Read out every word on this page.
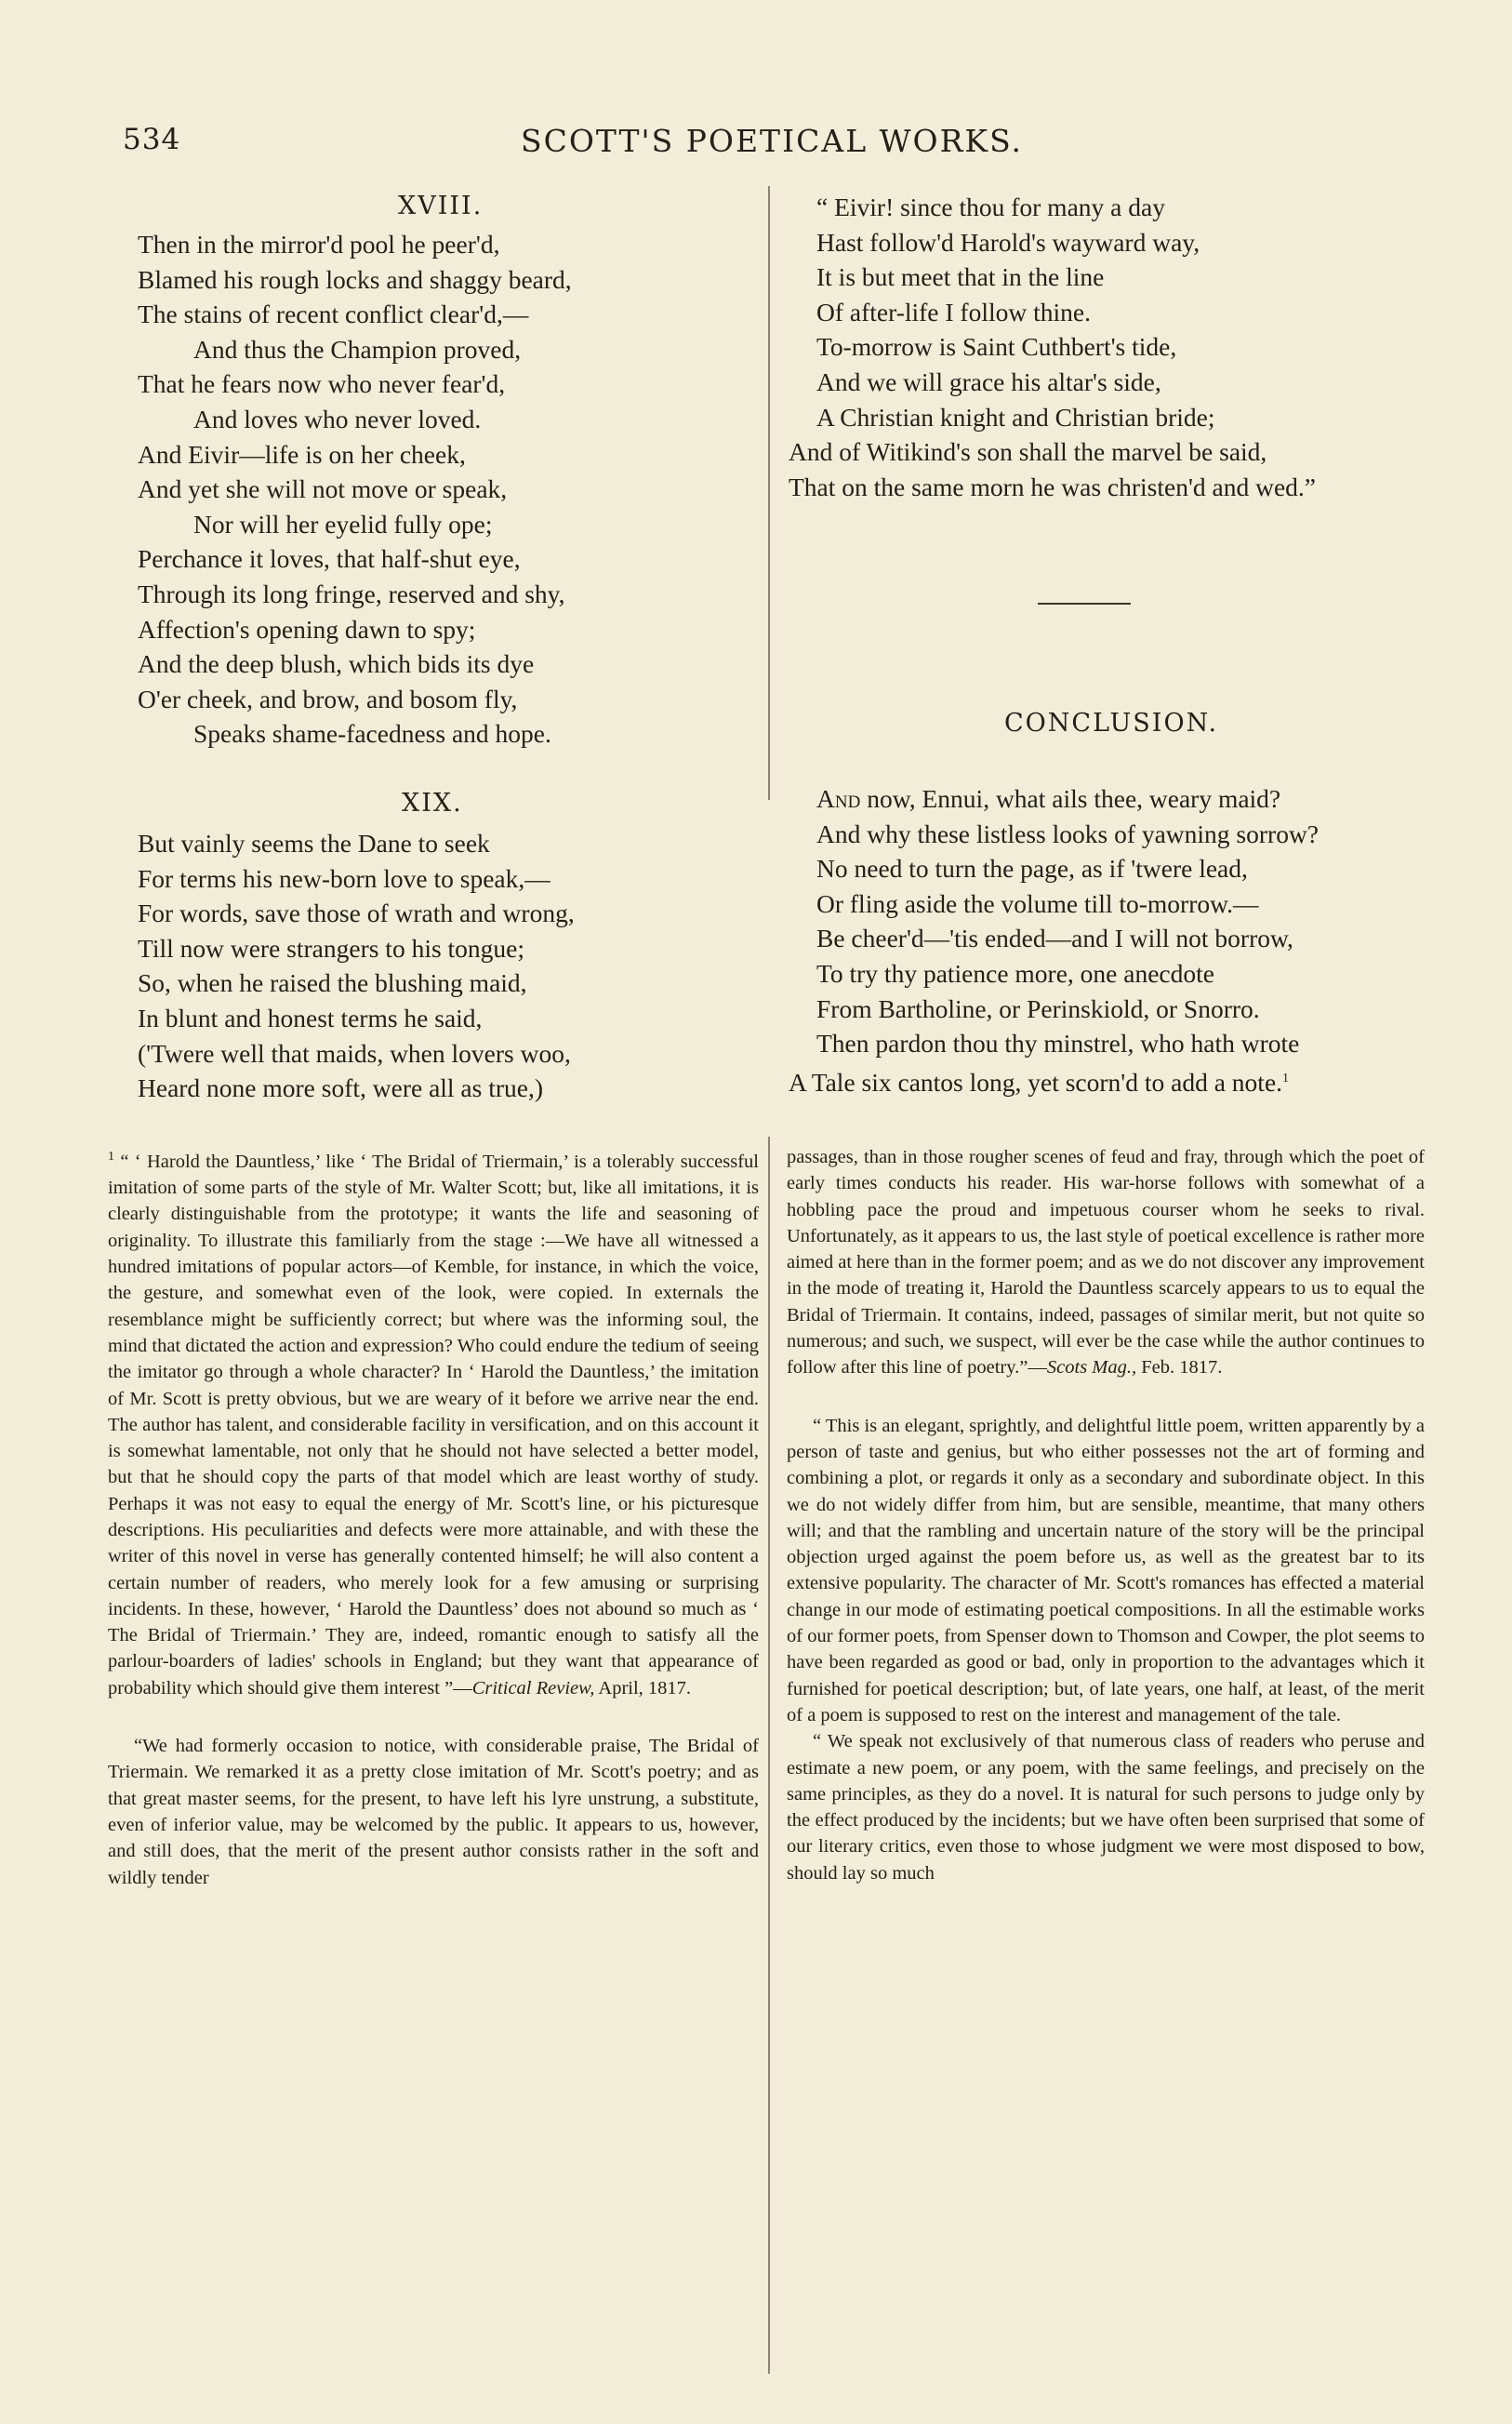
534	SCOTT'S POETICAL WORKS.
XVIII.
Then in the mirror'd pool he peer'd,
Blamed his rough locks and shaggy beard,
The stains of recent conflict clear'd,—
And thus the Champion proved,
That he fears now who never fear'd,
And loves who never loved.
And Eivir—life is on her cheek,
And yet she will not move or speak,
Nor will her eyelid fully ope;
Perchance it loves, that half-shut eye,
Through its long fringe, reserved and shy,
Affection's opening dawn to spy;
And the deep blush, which bids its dye
O'er cheek, and brow, and bosom fly,
Speaks shame-facedness and hope.
XIX.
But vainly seems the Dane to seek
For terms his new-born love to speak,—
For words, save those of wrath and wrong,
Till now were strangers to his tongue;
So, when he raised the blushing maid,
In blunt and honest terms he said,
('Twere well that maids, when lovers woo,
Heard none more soft, were all as true,)
“ Eivir! since thou for many a day
Hast follow'd Harold's wayward way,
It is but meet that in the line
Of after-life I follow thine.
To-morrow is Saint Cuthbert's tide,
And we will grace his altar's side,
A Christian knight and Christian bride;
And of Witikind's son shall the marvel be said,
That on the same morn he was christen'd and wed.”
CONCLUSION.
And now, Ennui, what ails thee, weary maid?
And why these listless looks of yawning sorrow?
No need to turn the page, as if 'twere lead,
Or fling aside the volume till to-morrow.—
Be cheer'd—'tis ended—and I will not borrow,
To try thy patience more, one anecdote
From Bartholine, or Perinskiold, or Snorro.
Then pardon thou thy minstrel, who hath wrote
A Tale six cantos long, yet scorn'd to add a note.$^1$

$^1$ “ ‘ Harold the Dauntless,’ like ‘ The Bridal of Triermain,’ is a tolerably successful imitation of some parts of the style of Mr. Walter Scott; but, like all imitations, it is clearly distinguishable from the prototype; it wants the life and seasoning of originality. To illustrate this familiarly from the stage :—We have all witnessed a hundred imitations of popular actors—of Kemble, for instance, in which the voice, the gesture, and somewhat even of the look, were copied. In externals the resemblance might be sufficiently correct; but where was the informing soul, the mind that dictated the action and expression? Who could endure the tedium of seeing the imitator go through a whole character? In ‘ Harold the Dauntless,’ the imitation of Mr. Scott is pretty obvious, but we are weary of it before we arrive near the end. The author has talent, and considerable facility in versification, and on this account it is somewhat lamentable, not only that he should not have selected a better model, but that he should copy the parts of that model which are least worthy of study. Perhaps it was not easy to equal the energy of Mr. Scott's line, or his picturesque descriptions. His peculiarities and defects were more attainable, and with these the writer of this novel in verse has generally contented himself; he will also content a certain number of readers, who merely look for a few amusing or surprising incidents. In these, however, ‘ Harold the Dauntless’ does not abound so much as ‘ The Bridal of Triermain.’ They are, indeed, romantic enough to satisfy all the parlour-boarders of ladies' schools in England; but they want that appearance of probability which should give them interest ”—Critical Review, April, 1817.

“We had formerly occasion to notice, with considerable praise, The Bridal of Triermain. We remarked it as a pretty close imitation of Mr. Scott's poetry; and as that great master seems, for the present, to have left his lyre unstrung, a substitute, even of inferior value, may be welcomed by the public. It appears to us, however, and still does, that the merit of the present author consists rather in the soft and wildly tender

passages, than in those rougher scenes of feud and fray, through which the poet of early times conducts his reader. His war-horse follows with somewhat of a hobbling pace the proud and impetuous courser whom he seeks to rival. Unfortunately, as it appears to us, the last style of poetical excellence is rather more aimed at here than in the former poem; and as we do not discover any improvement in the mode of treating it, Harold the Dauntless scarcely appears to us to equal the Bridal of Triermain. It contains, indeed, passages of similar merit, but not quite so numerous; and such, we suspect, will ever be the case while the author continues to follow after this line of poetry.”—Scots Mag., Feb. 1817.

“ This is an elegant, sprightly, and delightful little poem, written apparently by a person of taste and genius, but who either possesses not the art of forming and combining a plot, or regards it only as a secondary and subordinate object. In this we do not widely differ from him, but are sensible, meantime, that many others will; and that the rambling and uncertain nature of the story will be the principal objection urged against the poem before us, as well as the greatest bar to its extensive popularity. The character of Mr. Scott's romances has effected a material change in our mode of estimating poetical compositions. In all the estimable works of our former poets, from Spenser down to Thomson and Cowper, the plot seems to have been regarded as good or bad, only in proportion to the advantages which it furnished for poetical description; but, of late years, one half, at least, of the merit of a poem is supposed to rest on the interest and management of the tale.

“ We speak not exclusively of that numerous class of readers who peruse and estimate a new poem, or any poem, with the same feelings, and precisely on the same principles, as they do a novel. It is natural for such persons to judge only by the effect produced by the incidents; but we have often been surprised that some of our literary critics, even those to whose judgment we were most disposed to bow, should lay so much
